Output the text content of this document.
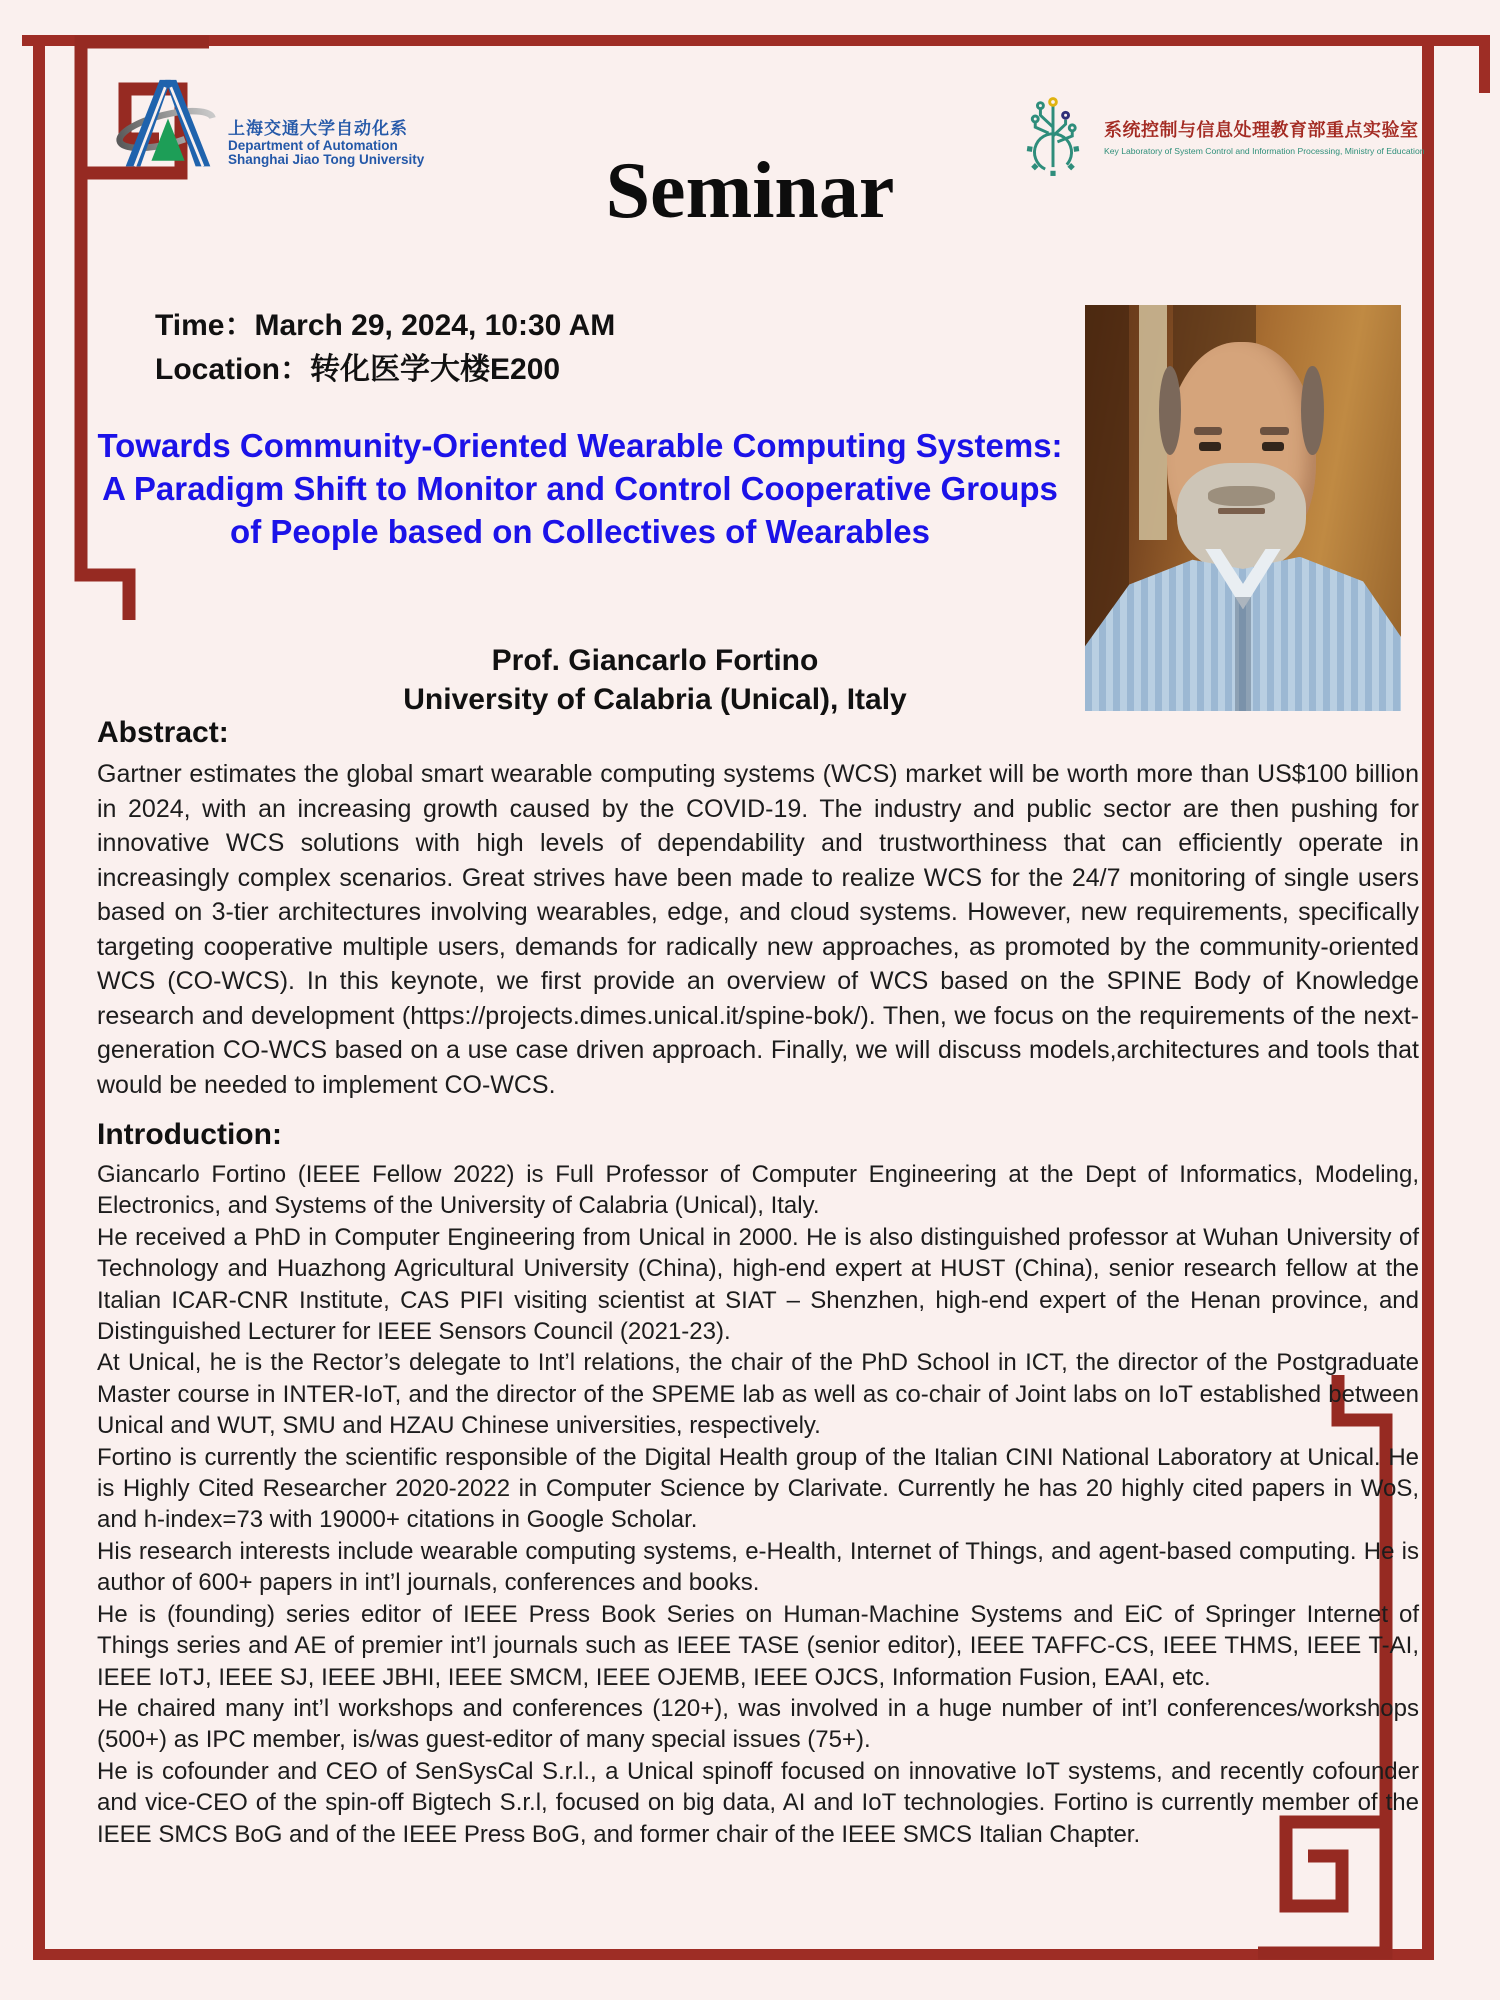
上海交通大学自动化系
Department of Automation
Shanghai Jiao Tong University
系统控制与信息处理教育部重点实验室
Key Laboratory of System Control and Information Processing, Ministry of Education
Seminar
Time：March 29, 2024, 10:30 AM
Location：转化医学大楼E200
Towards Community-Oriented Wearable Computing Systems: A Paradigm Shift to Monitor and Control Cooperative Groups of People based on Collectives of Wearables
Prof. Giancarlo Fortino
University of Calabria (Unical), Italy
Abstract:

Gartner estimates the global smart wearable computing systems (WCS) market will be worth more than US$100 billion in 2024, with an increasing growth caused by the COVID-19. The industry and public sector are then pushing for innovative WCS solutions with high levels of dependability and trustworthiness that can efficiently operate in increasingly complex scenarios. Great strives have been made to realize WCS for the 24/7 monitoring of single users based on 3-tier architectures involving wearables, edge, and cloud systems. However, new requirements, specifically targeting cooperative multiple users, demands for radically new approaches, as promoted by the community-oriented WCS (CO-WCS). In this keynote, we first provide an overview of WCS based on the SPINE Body of Knowledge research and development (https://projects.dimes.unical.it/spine-bok/). Then, we focus on the requirements of the next-generation CO-WCS based on a use case driven approach. Finally, we will discuss models,architectures and tools that would be needed to implement CO-WCS.

Introduction:

Giancarlo Fortino (IEEE Fellow 2022) is Full Professor of Computer Engineering at the Dept of Informatics, Modeling, Electronics, and Systems of the University of Calabria (Unical), Italy.

He received a PhD in Computer Engineering from Unical in 2000. He is also distinguished professor at Wuhan University of Technology and Huazhong Agricultural University (China), high-end expert at HUST (China), senior research fellow at the Italian ICAR-CNR Institute, CAS PIFI visiting scientist at SIAT – Shenzhen, high-end expert of the Henan province, and Distinguished Lecturer for IEEE Sensors Council (2021-23).

At Unical, he is the Rector’s delegate to Int’l relations, the chair of the PhD School in ICT, the director of the Postgraduate Master course in INTER-IoT, and the director of the SPEME lab as well as co-chair of Joint labs on IoT established between Unical and WUT, SMU and HZAU Chinese universities, respectively.

Fortino is currently the scientific responsible of the Digital Health group of the Italian CINI National Laboratory at Unical. He is Highly Cited Researcher 2020-2022 in Computer Science by Clarivate. Currently he has 20 highly cited papers in WoS, and h-index=73 with 19000+ citations in Google Scholar.

His research interests include wearable computing systems, e-Health, Internet of Things, and agent-based computing. He is author of 600+ papers in int’l journals, conferences and books.

He is (founding) series editor of IEEE Press Book Series on Human-Machine Systems and EiC of Springer Internet of Things series and AE of premier int’l journals such as IEEE TASE (senior editor), IEEE TAFFC-CS, IEEE THMS, IEEE T-AI, IEEE IoTJ, IEEE SJ, IEEE JBHI, IEEE SMCM, IEEE OJEMB, IEEE OJCS, Information Fusion, EAAI, etc.

He chaired many int’l workshops and conferences (120+), was involved in a huge number of int’l conferences/workshops (500+) as IPC member, is/was guest-editor of many special issues (75+).

He is cofounder and CEO of SenSysCal S.r.l., a Unical spinoff focused on innovative IoT systems, and recently cofounder and vice-CEO of the spin-off Bigtech S.r.l, focused on big data, AI and IoT technologies. Fortino is currently member of the IEEE SMCS BoG and of the IEEE Press BoG, and former chair of the IEEE SMCS Italian Chapter.
